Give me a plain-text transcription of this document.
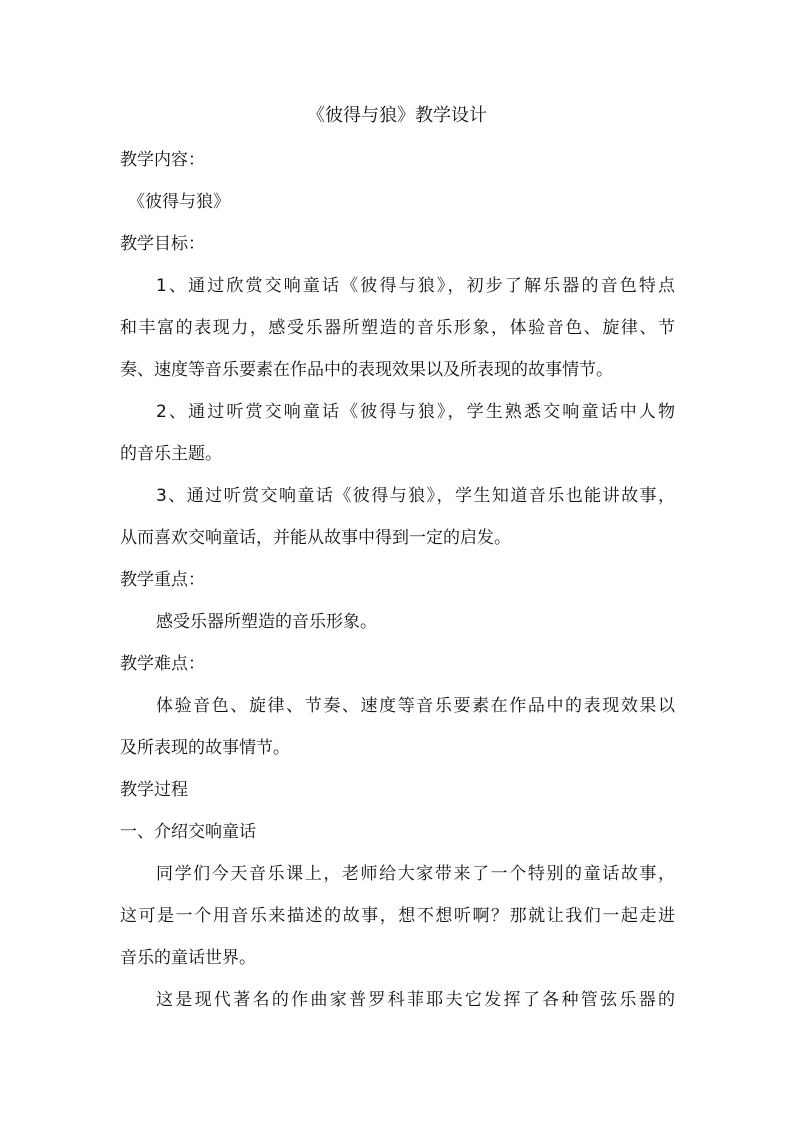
《彼得与狼》教学设计
教学内容：
《彼得与狼》
教学目标：
1、通过欣赏交响童话《彼得与狼》，初步了解乐器的音色特点
和丰富的表现力，感受乐器所塑造的音乐形象，体验音色、旋律、节
奏、速度等音乐要素在作品中的表现效果以及所表现的故事情节。
2、通过听赏交响童话《彼得与狼》，学生熟悉交响童话中人物
的音乐主题。
3、通过听赏交响童话《彼得与狼》，学生知道音乐也能讲故事，
从而喜欢交响童话，并能从故事中得到一定的启发。
教学重点：
感受乐器所塑造的音乐形象。
教学难点：
体验音色、旋律、节奏、速度等音乐要素在作品中的表现效果以
及所表现的故事情节。
教学过程
一、介绍交响童话
同学们今天音乐课上，老师给大家带来了一个特别的童话故事，
这可是一个用音乐来描述的故事，想不想听啊？那就让我们一起走进
音乐的童话世界。
这是现代著名的作曲家普罗科菲耶夫它发挥了各种管弦乐器的
